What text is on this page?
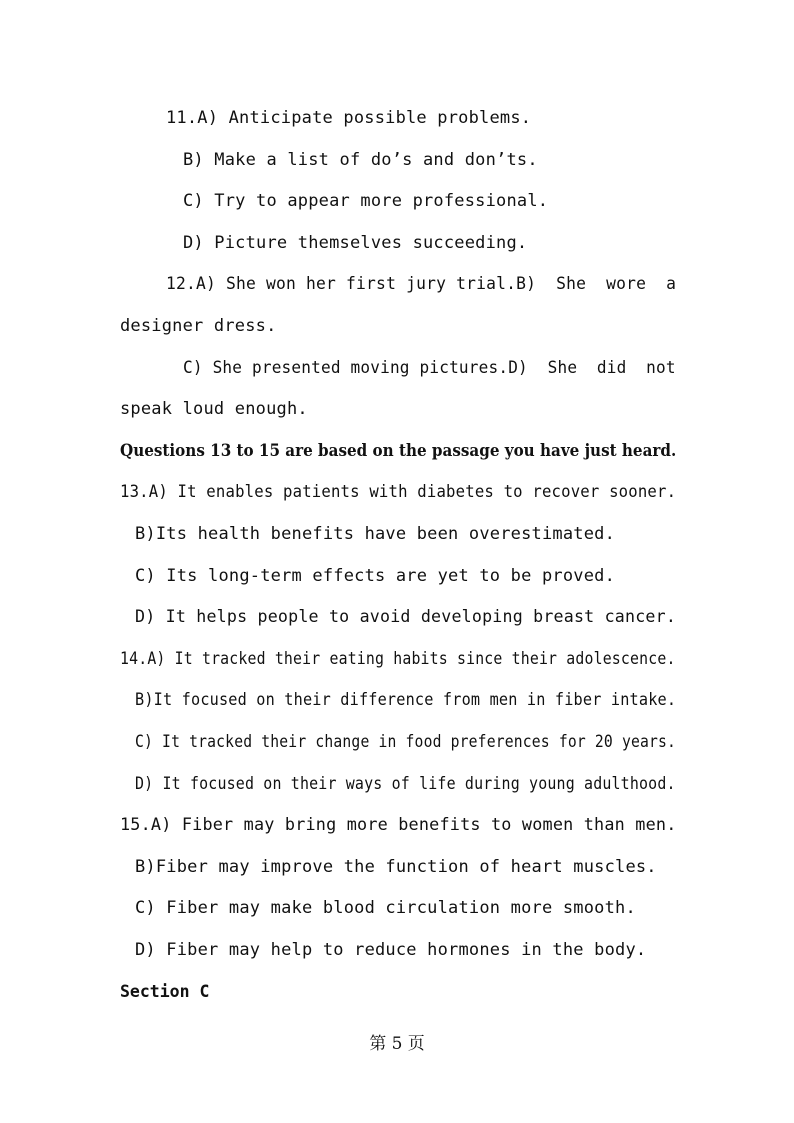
11.A) Anticipate possible problems.
B) Make a list of do’s and don’ts.
C) Try to appear more professional.
D) Picture themselves succeeding.
12.A) She won her first jury trial.B)  She  wore  a
designer dress.
C) She presented moving pictures.D)  She  did  not
speak loud enough.
Questions 13 to 15 are based on the passage you have just heard.
13.A) It enables patients with diabetes to recover sooner.
B)Its health benefits have been overestimated.
C) Its long-term effects are yet to be proved.
D) It helps people to avoid developing breast cancer.
14.A) It tracked their eating habits since their adolescence.
B)It focused on their difference from men in fiber intake.
C) It tracked their change in food preferences for 20 years.
D) It focused on their ways of life during young adulthood.
15.A) Fiber may bring more benefits to women than men.
B)Fiber may improve the function of heart muscles.
C) Fiber may make blood circulation more smooth.
D) Fiber may help to reduce hormones in the body.
Section C
第 5 页
